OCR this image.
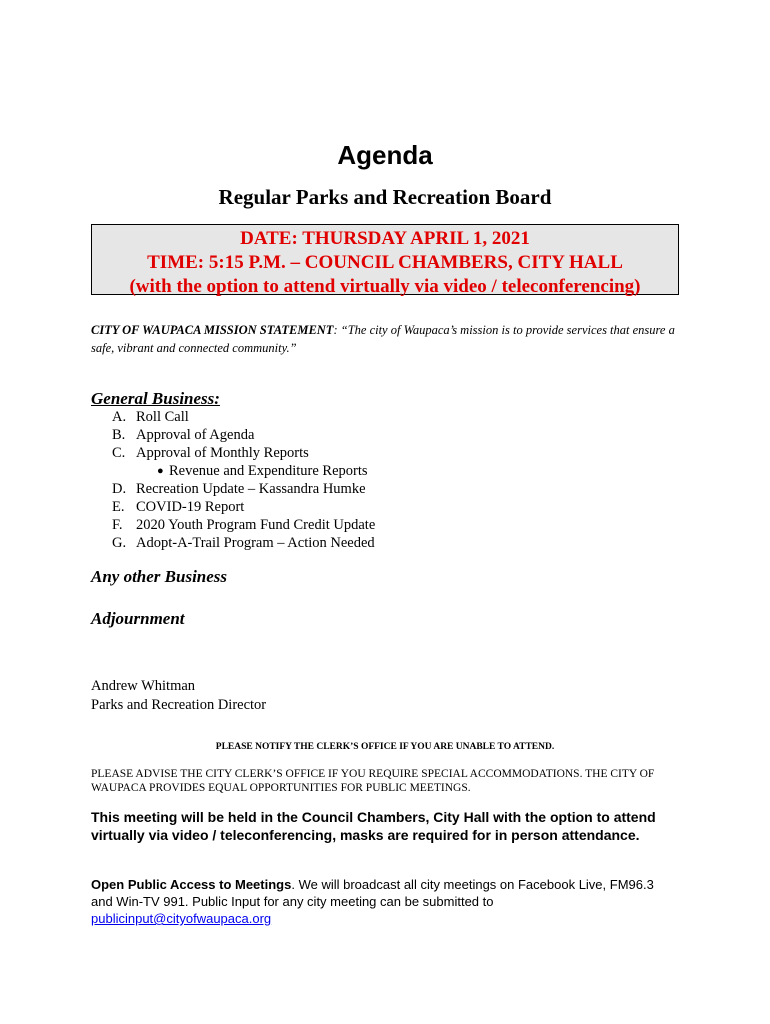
Agenda
Regular Parks and Recreation Board
DATE: THURSDAY APRIL 1, 2021
TIME: 5:15 P.M. – COUNCIL CHAMBERS, CITY HALL
(with the option to attend virtually via video / teleconferencing)
CITY OF WAUPACA MISSION STATEMENT: “The city of Waupaca’s mission is to provide services that ensure a safe, vibrant and connected community.”
General Business:
A. Roll Call
B. Approval of Agenda
C. Approval of Monthly Reports
● Revenue and Expenditure Reports
D. Recreation Update – Kassandra Humke
E. COVID-19 Report
F. 2020 Youth Program Fund Credit Update
G. Adopt-A-Trail Program – Action Needed
Any other Business
Adjournment
Andrew Whitman
Parks and Recreation Director
PLEASE NOTIFY THE CLERK’S OFFICE IF YOU ARE UNABLE TO ATTEND.
PLEASE ADVISE THE CITY CLERK’S OFFICE IF YOU REQUIRE SPECIAL ACCOMMODATIONS. THE CITY OF WAUPACA PROVIDES EQUAL OPPORTUNITIES FOR PUBLIC MEETINGS.
This meeting will be held in the Council Chambers, City Hall with the option to attend virtually via video / teleconferencing, masks are required for in person attendance.
Open Public Access to Meetings. We will broadcast all city meetings on Facebook Live, FM96.3 and Win-TV 991. Public Input for any city meeting can be submitted to publicinput@cityofwaupaca.org
